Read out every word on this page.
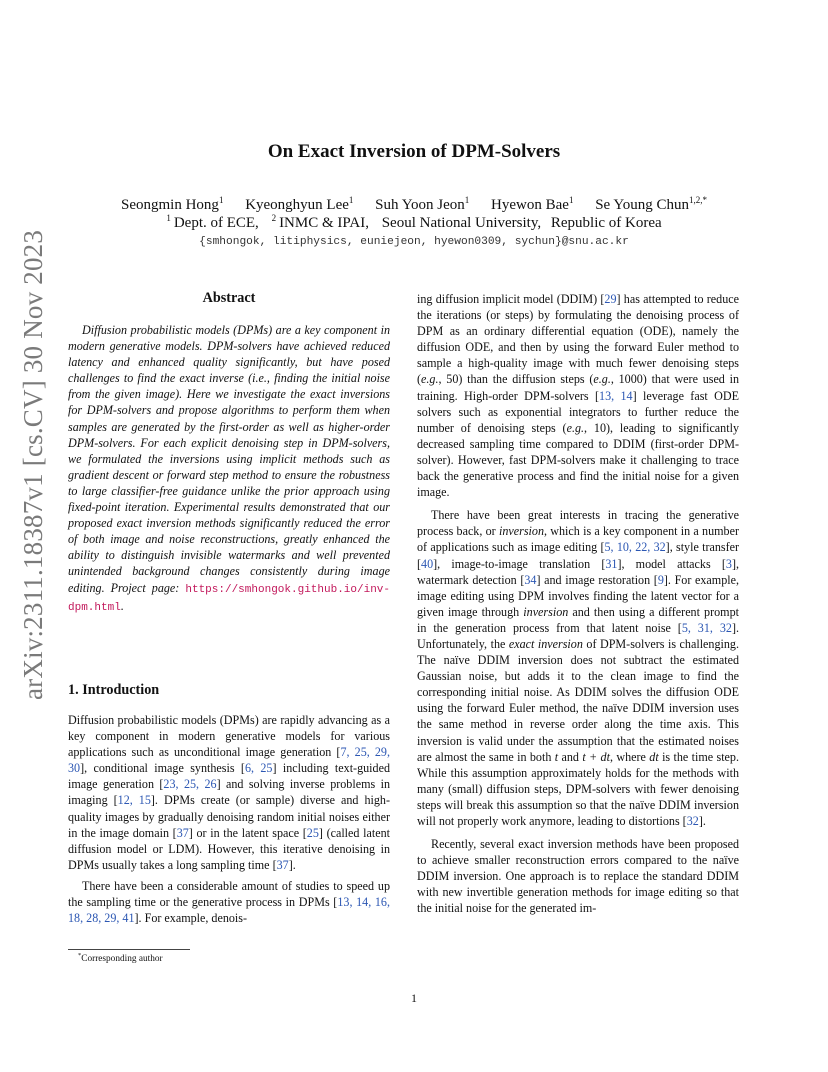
arXiv:2311.18387v1 [cs.CV] 30 Nov 2023
On Exact Inversion of DPM-Solvers
Seongmin Hong$^1$ Kyeonghyun Lee$^1$ Suh Yoon Jeon$^1$ Hyewon Bae$^1$ Se Young Chun$^{1,2,*}$
$^1$ Dept. of ECE, $^2$ INMC & IPAI, Seoul National University, Republic of Korea
{smhongok, litiphysics, euniejeon, hyewon0309, sychun}@snu.ac.kr
Abstract

Diffusion probabilistic models (DPMs) are a key component in modern generative models. DPM-solvers have achieved reduced latency and enhanced quality significantly, but have posed challenges to find the exact inverse (i.e., finding the initial noise from the given image). Here we investigate the exact inversions for DPM-solvers and propose algorithms to perform them when samples are generated by the first-order as well as higher-order DPM-solvers. For each explicit denoising step in DPM-solvers, we formulated the inversions using implicit methods such as gradient descent or forward step method to ensure the robustness to large classifier-free guidance unlike the prior approach using fixed-point iteration. Experimental results demonstrated that our proposed exact inversion methods significantly reduced the error of both image and noise reconstructions, greatly enhanced the ability to distinguish invisible watermarks and well prevented unintended background changes consistently during image editing. Project page: https://smhongok.github.io/inv-dpm.html.

1. Introduction

Diffusion probabilistic models (DPMs) are rapidly advancing as a key component in modern generative models for various applications such as unconditional image generation [7, 25, 29, 30], conditional image synthesis [6, 25] including text-guided image generation [23, 25, 26] and solving inverse problems in imaging [12, 15]. DPMs create (or sample) diverse and high-quality images by gradually denoising random initial noises either in the image domain [37] or in the latent space [25] (called latent diffusion model or LDM). However, this iterative denoising in DPMs usually takes a long sampling time [37].

There have been a considerable amount of studies to speed up the sampling time or the generative process in DPMs [13, 14, 16, 18, 28, 29, 41]. For example, denois-

ing diffusion implicit model (DDIM) [29] has attempted to reduce the iterations (or steps) by formulating the denoising process of DPM as an ordinary differential equation (ODE), namely the diffusion ODE, and then by using the forward Euler method to sample a high-quality image with much fewer denoising steps (e.g., 50) than the diffusion steps (e.g., 1000) that were used in training. High-order DPM-solvers [13, 14] leverage fast ODE solvers such as exponential integrators to further reduce the number of denoising steps (e.g., 10), leading to significantly decreased sampling time compared to DDIM (first-order DPM-solver). However, fast DPM-solvers make it challenging to trace back the generative process and find the initial noise for a given image.

There have been great interests in tracing the generative process back, or inversion, which is a key component in a number of applications such as image editing [5, 10, 22, 32], style transfer [40], image-to-image translation [31], model attacks [3], watermark detection [34] and image restoration [9]. For example, image editing using DPM involves finding the latent vector for a given image through inversion and then using a different prompt in the generation process from that latent noise [5, 31, 32]. Unfortunately, the exact inversion of DPM-solvers is challenging. The naïve DDIM inversion does not subtract the estimated Gaussian noise, but adds it to the clean image to find the corresponding initial noise. As DDIM solves the diffusion ODE using the forward Euler method, the naïve DDIM inversion uses the same method in reverse order along the time axis. This inversion is valid under the assumption that the estimated noises are almost the same in both t and t + dt, where dt is the time step. While this assumption approximately holds for the methods with many (small) diffusion steps, DPM-solvers with fewer denoising steps will break this assumption so that the naïve DDIM inversion will not properly work anymore, leading to distortions [32].

Recently, several exact inversion methods have been proposed to achieve smaller reconstruction errors compared to the naïve DDIM inversion. One approach is to replace the standard DDIM with new invertible generation methods for image editing so that the initial noise for the generated im-

*Corresponding author
1
